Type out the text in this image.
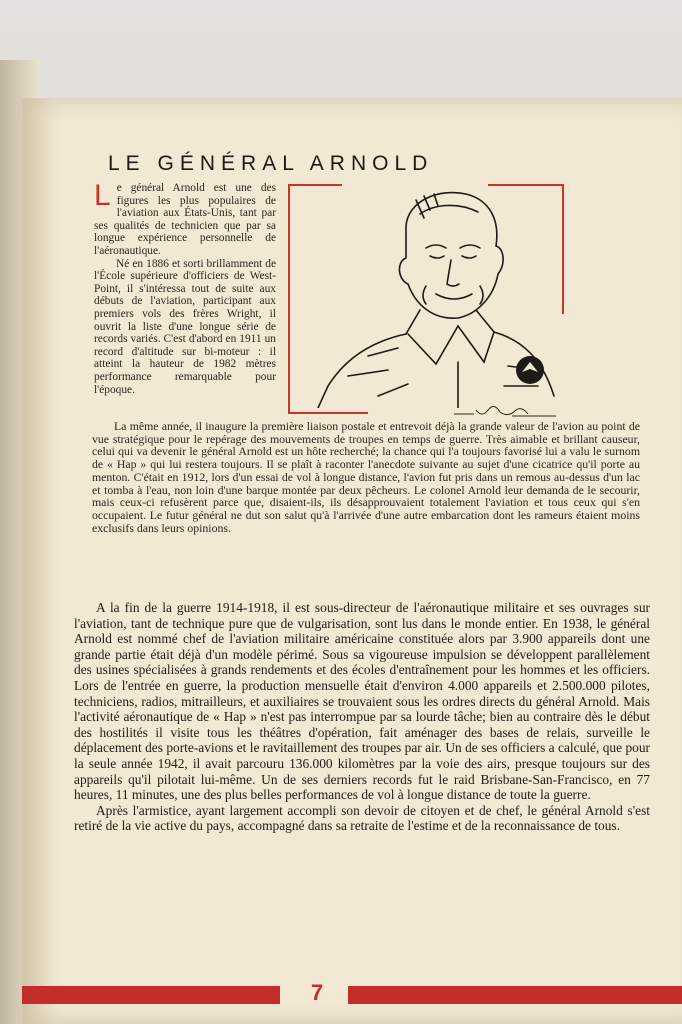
LE GÉNÉRAL ARNOLD
L e général Arnold est une des figures les plus populaires de l'aviation aux États-Unis, tant par ses qualités de technicien que par sa longue expérience personnelle de l'aéronautique.

Né en 1886 et sorti brillamment de l'École supérieure d'officiers de West-Point, il s'intéressa tout de suite aux débuts de l'aviation, participant aux premiers vols des frères Wright, il ouvrit la liste d'une longue série de records variés. C'est d'abord en 1911 un record d'altitude sur bi-moteur : il atteint la hauteur de 1982 mètres performance remarquable pour l'époque.

La même année, il inaugure la première liaison postale et entrevoit déjà la grande valeur de l'avion au point de vue stratégique pour le repérage des mouvements de troupes en temps de guerre. Très aimable et brillant causeur, celui qui va devenir le général Arnold est un hôte recherché; la chance qui l'a toujours favorisé lui a valu le surnom de « Hap » qui lui restera toujours. Il se plaît à raconter l'anecdote suivante au sujet d'une cicatrice qu'il porte au menton. C'était en 1912, lors d'un essai de vol à longue distance, l'avion fut pris dans un remous au-dessus d'un lac et tomba à l'eau, non loin d'une barque montée par deux pêcheurs. Le colonel Arnold leur demanda de le secourir, mais ceux-ci refusèrent parce que, disaient-ils, ils désapprouvaient totalement l'aviation et tous ceux qui s'en occupaient. Le futur général ne dut son salut qu'à l'arrivée d'une autre embarcation dont les rameurs étaient moins exclusifs dans leurs opinions.

A la fin de la guerre 1914-1918, il est sous-directeur de l'aéronautique militaire et ses ouvrages sur l'aviation, tant de technique pure que de vulgarisation, sont lus dans le monde entier. En 1938, le général Arnold est nommé chef de l'aviation militaire américaine constituée alors par 3.900 appareils dont une grande partie était déjà d'un modèle périmé. Sous sa vigoureuse impulsion se développent parallèlement des usines spécialisées à grands rendements et des écoles d'entraînement pour les hommes et les officiers. Lors de l'entrée en guerre, la production mensuelle était d'environ 4.000 appareils et 2.500.000 pilotes, techniciens, radios, mitrailleurs, et auxiliaires se trouvaient sous les ordres directs du général Arnold. Mais l'activité aéronautique de « Hap » n'est pas interrompue par sa lourde tâche; bien au contraire dès le début des hostilités il visite tous les théâtres d'opération, fait aménager des bases de relais, surveille le déplacement des porte-avions et le ravitaillement des troupes par air. Un de ses officiers a calculé, que pour la seule année 1942, il avait parcouru 136.000 kilomètres par la voie des airs, presque toujours sur des appareils qu'il pilotait lui-même. Un de ses derniers records fut le raid Brisbane-San-Francisco, en 77 heures, 11 minutes, une des plus belles performances de vol à longue distance de toute la guerre.

Après l'armistice, ayant largement accompli son devoir de citoyen et de chef, le général Arnold s'est retiré de la vie active du pays, accompagné dans sa retraite de l'estime et de la reconnaissance de tous.

7
